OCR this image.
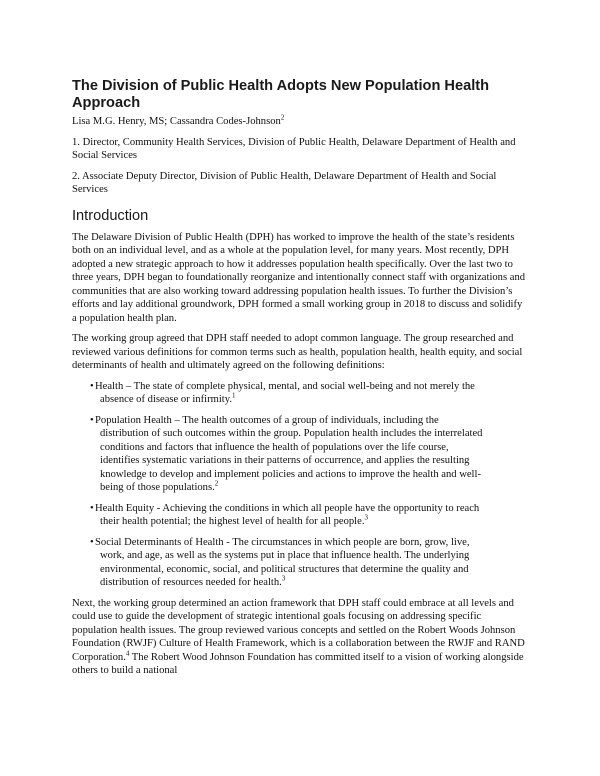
The Division of Public Health Adopts New Population Health Approach

Lisa M.G. Henry, MS; Cassandra Codes-Johnson$^2$

1. Director, Community Health Services, Division of Public Health, Delaware Department of Health and Social Services

2. Associate Deputy Director, Division of Public Health, Delaware Department of Health and Social Services

Introduction

The Delaware Division of Public Health (DPH) has worked to improve the health of the state’s residents both on an individual level, and as a whole at the population level, for many years. Most recently, DPH adopted a new strategic approach to how it addresses population health specifically. Over the last two to three years, DPH began to foundationally reorganize and intentionally connect staff with organizations and communities that are also working toward addressing population health issues. To further the Division’s efforts and lay additional groundwork, DPH formed a small working group in 2018 to discuss and solidify a population health plan.

The working group agreed that DPH staff needed to adopt common language. The group researched and reviewed various definitions for common terms such as health, population health, health equity, and social determinants of health and ultimately agreed on the following definitions:

•Health – The state of complete physical, mental, and social well-being and not merely the absence of disease or infirmity.$^1$
•Population Health – The health outcomes of a group of individuals, including the distribution of such outcomes within the group. Population health includes the interrelated conditions and factors that influence the health of populations over the life course, identifies systematic variations in their patterns of occurrence, and applies the resulting knowledge to develop and implement policies and actions to improve the health and well-being of those populations.$^2$
•Health Equity - Achieving the conditions in which all people have the opportunity to reach their health potential; the highest level of health for all people.$^3$
•Social Determinants of Health - The circumstances in which people are born, grow, live, work, and age, as well as the systems put in place that influence health. The underlying environmental, economic, social, and political structures that determine the quality and distribution of resources needed for health.$^3$

Next, the working group determined an action framework that DPH staff could embrace at all levels and could use to guide the development of strategic intentional goals focusing on addressing specific population health issues. The group reviewed various concepts and settled on the Robert Woods Johnson Foundation (RWJF) Culture of Health Framework, which is a collaboration between the RWJF and RAND Corporation.$^4$ The Robert Wood Johnson Foundation has committed itself to a vision of working alongside others to build a national
